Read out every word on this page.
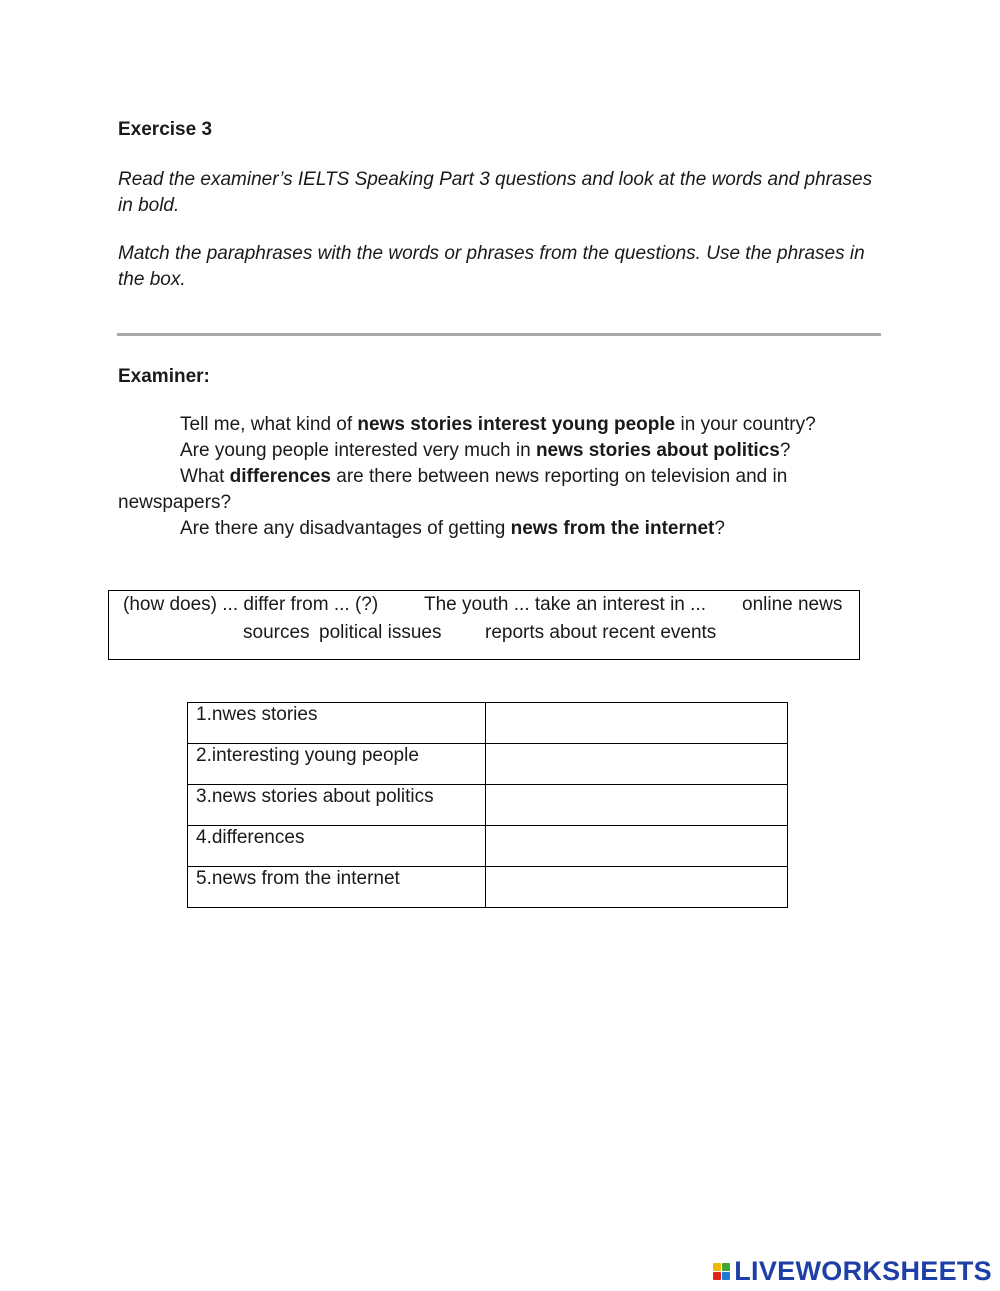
Exercise 3
Read the examiner’s IELTS Speaking Part 3 questions and look at the words and phrases in bold.
Match the paraphrases with the words or phrases from the questions. Use the phrases in the box.
Examiner:
Tell me, what kind of news stories interest young people in your country?
Are young people interested very much in news stories about politics?
What differences are there between news reporting on television and in
newspapers?
Are there any disadvantages of getting news from the internet?
(how does) ... differ from ... (?) The youth ... take an interest in ... online news
sources political issues reports about recent events
1.nwes stories	
2.interesting young people	
3.news stories about politics	
4.differences	
5.news from the internet	
LIVEWORKSHEETS
